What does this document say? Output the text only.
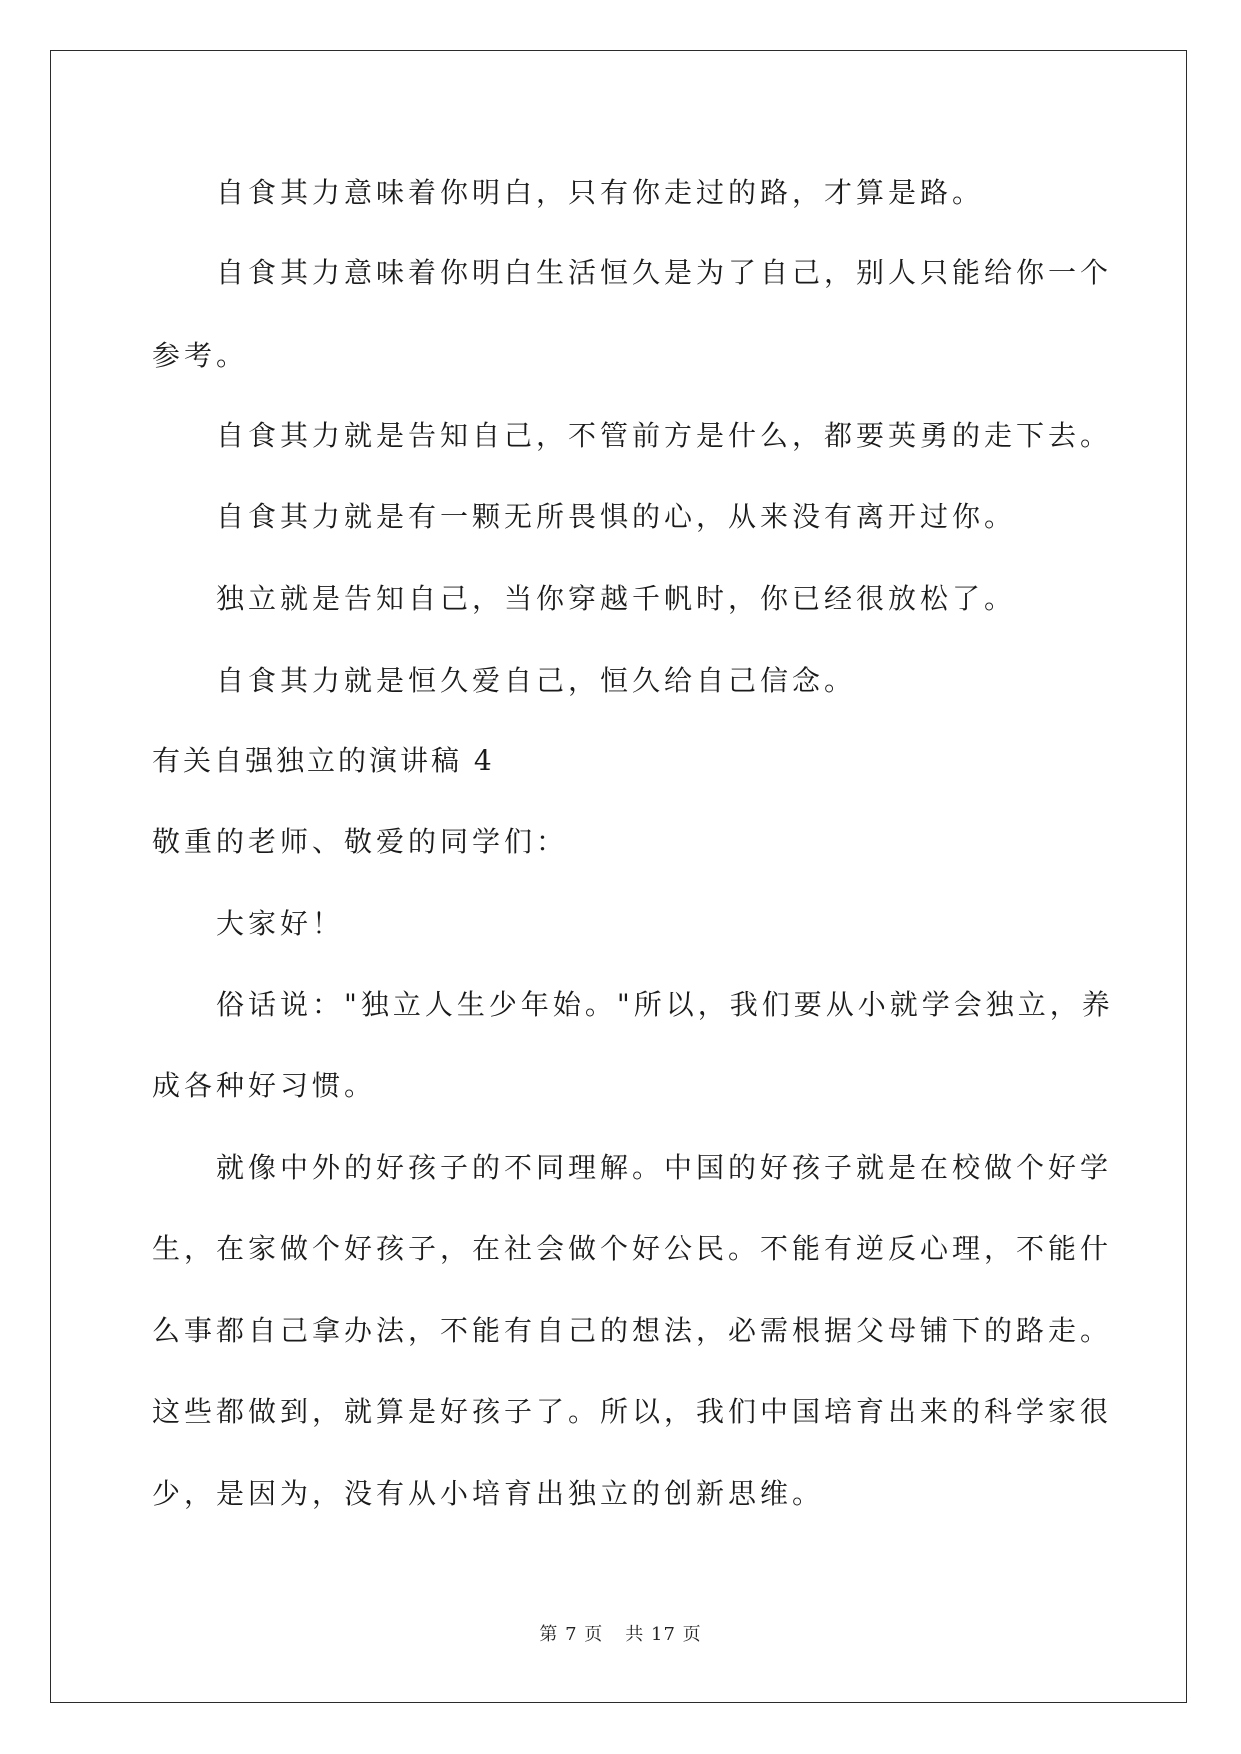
自食其力意味着你明白，只有你走过的路，才算是路。
自食其力意味着你明白生活恒久是为了自己，别人只能给你一个
参考。
自食其力就是告知自己，不管前方是什么，都要英勇的走下去。
自食其力就是有一颗无所畏惧的心，从来没有离开过你。
独立就是告知自己，当你穿越千帆时，你已经很放松了。
自食其力就是恒久爱自己，恒久给自己信念。
有关自强独立的演讲稿 4
敬重的老师、敬爱的同学们：
大家好！
俗话说："独立人生少年始。"所以，我们要从小就学会独立，养
成各种好习惯。
就像中外的好孩子的不同理解。中国的好孩子就是在校做个好学
生，在家做个好孩子，在社会做个好公民。不能有逆反心理，不能什
么事都自己拿办法，不能有自己的想法，必需根据父母铺下的路走。
这些都做到，就算是好孩子了。所以，我们中国培育出来的科学家很
少，是因为，没有从小培育出独立的创新思维。
第 7 页 共 17 页
